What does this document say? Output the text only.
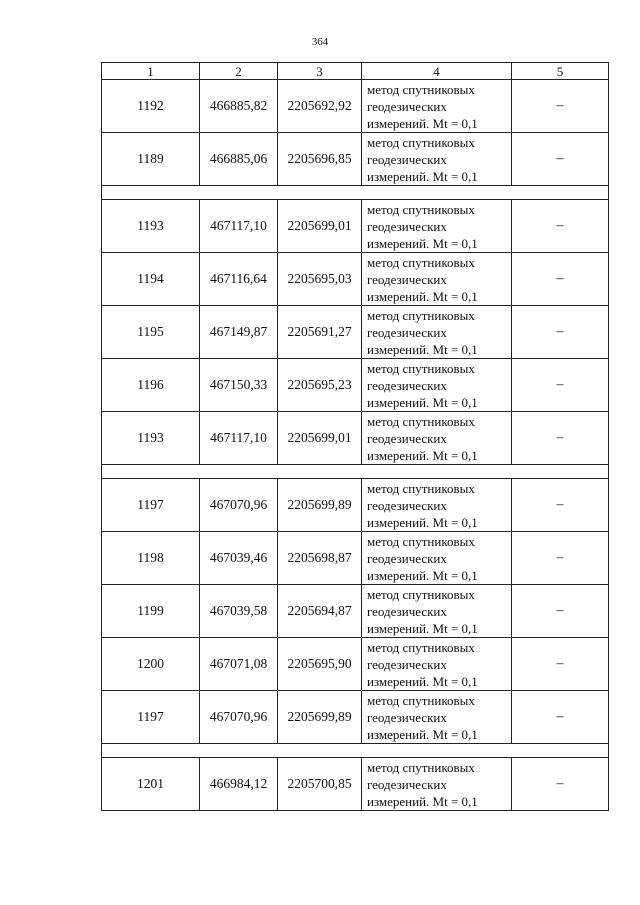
364
1	2	3	4	5
1192	466885,82	2205692,92	метод спутниковых геодезических измерений. Mt = 0,1	–
1189	466885,06	2205696,85	метод спутниковых геодезических измерений. Mt = 0,1	–

1193	467117,10	2205699,01	метод спутниковых геодезических измерений. Mt = 0,1	–
1194	467116,64	2205695,03	метод спутниковых геодезических измерений. Mt = 0,1	–
1195	467149,87	2205691,27	метод спутниковых геодезических измерений. Mt = 0,1	–
1196	467150,33	2205695,23	метод спутниковых геодезических измерений. Mt = 0,1	–
1193	467117,10	2205699,01	метод спутниковых геодезических измерений. Mt = 0,1	–

1197	467070,96	2205699,89	метод спутниковых геодезических измерений. Mt = 0,1	–
1198	467039,46	2205698,87	метод спутниковых геодезических измерений. Mt = 0,1	–
1199	467039,58	2205694,87	метод спутниковых геодезических измерений. Mt = 0,1	–
1200	467071,08	2205695,90	метод спутниковых геодезических измерений. Mt = 0,1	–
1197	467070,96	2205699,89	метод спутниковых геодезических измерений. Mt = 0,1	–

1201	466984,12	2205700,85	метод спутниковых геодезических измерений. Mt = 0,1	–
